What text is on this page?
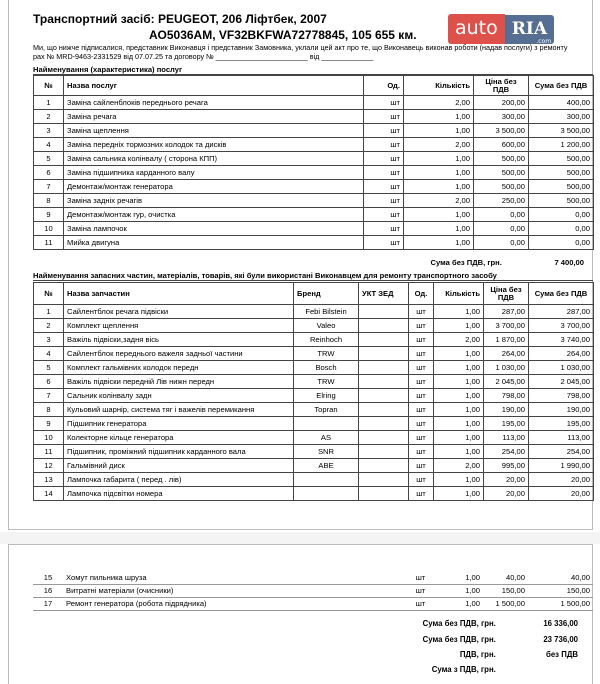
Транспортний засіб: PEUGEOT, 206 Ліфтбек, 2007
АО5036АМ, VF32BKFWA72778845, 105 655 км.	auto RIA
.com
Ми, що нижче підписалися, представник Виконавця і представник Замовника, уклали цей акт про те, що Виконавець виконав роботи (надав послуги) з ремонту
рах № MRD-9463-2331529 від 07.07.25 та договору № _______________________ від _____________
Найменування (характеристика) послуг
№	Назва послуг	Од.	Кількість	Ціна без ПДВ	Сума без ПДВ
1	Заміна сайленблоків переднього речага	шт	2,00	200,00	400,00
2	Заміна речага	шт	1,00	300,00	300,00
3	Заміна щеплення	шт	1,00	3 500,00	3 500,00
4	Заміна передніх тормозних колодок та дисків	шт	2,00	600,00	1 200,00
5	Заміна сальника колінвалу ( сторона КПП)	шт	1,00	500,00	500,00
6	Заміна підшипника карданного валу	шт	1,00	500,00	500,00
7	Демонтаж/монтаж генератора	шт	1,00	500,00	500,00
8	Заміна задніх речагів	шт	2,00	250,00	500,00
9	Демонтаж/монтаж гур, очистка	шт	1,00	0,00	0,00
10	Заміна лампочок	шт	1,00	0,00	0,00
11	Мийка двигуна	шт	1,00	0,00	0,00
Сума без ПДВ, грн.	7 400,00
Найменування запасних частин, матеріалів, товарів, які були використані Виконавцем для ремонту транспортного засобу
№	Назва запчастин	Бренд	УКТ ЗЕД	Од.	Кількість	Ціна без ПДВ	Сума без ПДВ
1	Сайлентблок речага підвіски	Febi Bilstein		шт	1,00	287,00	287,00
2	Комплект щеплення	Valeo		шт	1,00	3 700,00	3 700,00
3	Важіль підвіски,задня вісь	Reinhoch		шт	2,00	1 870,00	3 740,00
4	Сайлентблок переднього важеля задньої частини	TRW		шт	1,00	264,00	264,00
5	Комплект гальмівних колодок передн	Bosch		шт	1,00	1 030,00	1 030,00
6	Важіль підвіски передній Лів нижн передн	TRW		шт	1,00	2 045,00	2 045,00
7	Сальник колінвалу задн	Elring		шт	1,00	798,00	798,00
8	Кульовий шарнір, система тяг і важелів перемикання	Topran		шт	1,00	190,00	190,00
9	Підшипник генератора			шт	1,00	195,00	195,00
10	Колекторне кільце генератора	AS		шт	1,00	113,00	113,00
11	Підшипник, проміжний підшипник карданного вала	SNR		шт	1,00	254,00	254,00
12	Гальмівний диск	ABE		шт	2,00	995,00	1 990,00
13	Лампочка габарита ( перед . лів)			шт	1,00	20,00	20,00
14	Лампочка підсвітки номера			шт	1,00	20,00	20,00
15	Хомут пильника шруза			шт	1,00	40,00	40,00
16	Витратні матеріали (очисники)			шт	1,00	150,00	150,00
17	Ремонт генератора (робота підрядника)			шт	1,00	1 500,00	1 500,00
Сума без ПДВ, грн.	16 336,00
Сума без ПДВ, грн.	23 736,00
ПДВ, грн.	без ПДВ
Сума з ПДВ, грн.
